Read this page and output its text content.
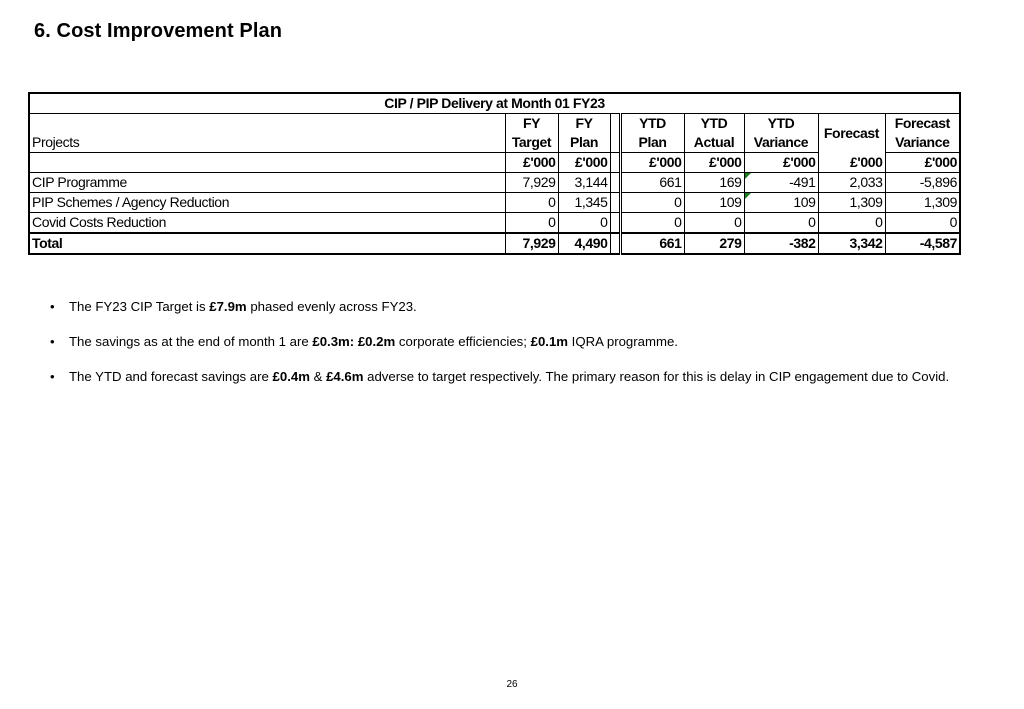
6. Cost Improvement Plan
CIP / PIP Delivery at Month 01 FY23								
	FY	FY		YTD	YTD	YTD	Forecast	Forecast
Projects	Target	Plan		Plan	Actual	Variance		Variance
	£'000	£'000		£'000	£'000	£'000	£'000	£'000
CIP Programme	7,929	3,144		661	169	-491	2,033	-5,896
PIP Schemes / Agency Reduction	0	1,345		0	109	109	1,309	1,309
Covid Costs Reduction	0	0		0	0	0	0	0
Total	7,929	4,490		661	279	-382	3,342	-4,587
• The FY23 CIP Target is £7.9m phased evenly across FY23.
• The savings as at the end of month 1 are £0.3m: £0.2m corporate efficiencies; £0.1m IQRA programme.
• The YTD and forecast savings are £0.4m & £4.6m adverse to target respectively. The primary reason for this is delay in CIP engagement due to Covid.
26
